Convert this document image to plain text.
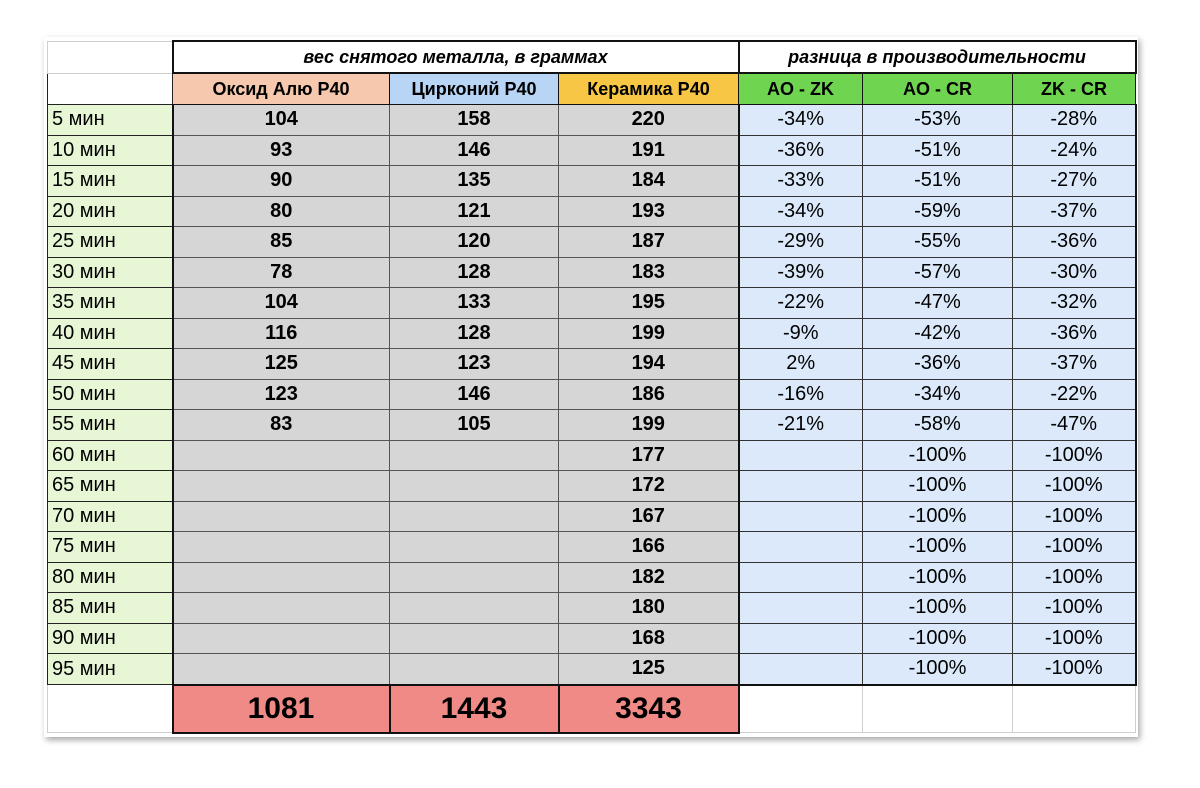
	вес снятого металла, в граммах			разница в производительности		
	Оксид Алю Р40	Цирконий Р40	Керамика Р40	AO - ZK	AO - CR	ZK - CR
5 мин	104	158	220	-34%	-53%	-28%
10 мин	93	146	191	-36%	-51%	-24%
15 мин	90	135	184	-33%	-51%	-27%
20 мин	80	121	193	-34%	-59%	-37%
25 мин	85	120	187	-29%	-55%	-36%
30 мин	78	128	183	-39%	-57%	-30%
35 мин	104	133	195	-22%	-47%	-32%
40 мин	116	128	199	-9%	-42%	-36%
45 мин	125	123	194	2%	-36%	-37%
50 мин	123	146	186	-16%	-34%	-22%
55 мин	83	105	199	-21%	-58%	-47%
60 мин			177		-100%	-100%
65 мин			172		-100%	-100%
70 мин			167		-100%	-100%
75 мин			166		-100%	-100%
80 мин			182		-100%	-100%
85 мин			180		-100%	-100%
90 мин			168		-100%	-100%
95 мин			125		-100%	-100%
	1081	1443	3343			
